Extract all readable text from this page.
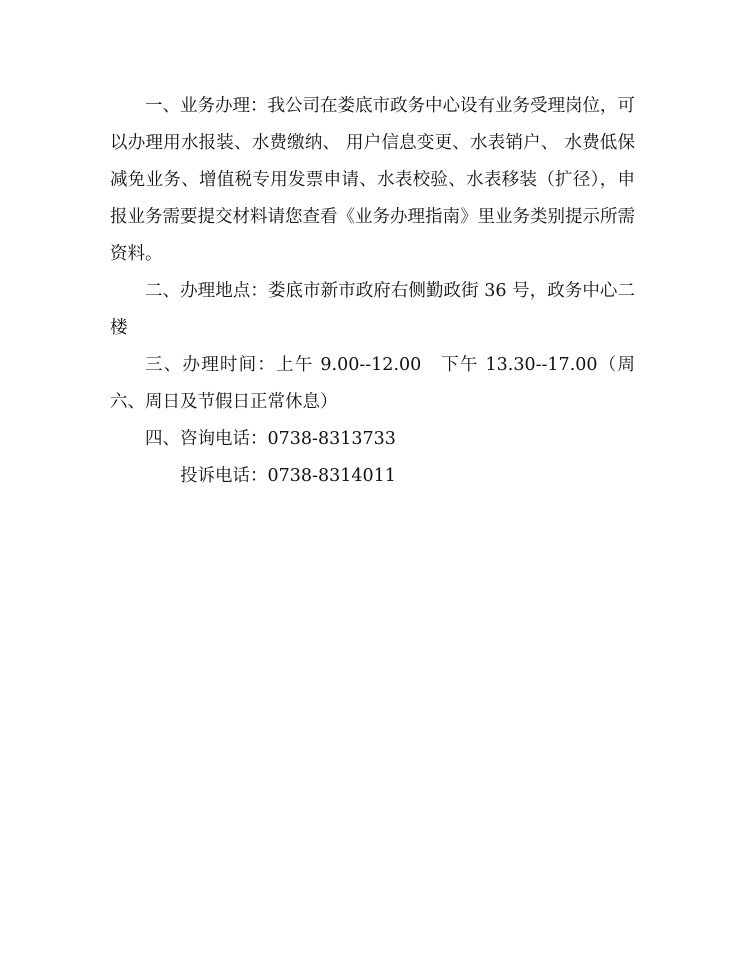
一、业务办理：我公司在娄底市政务中心设有业务受理岗位，可以办理用水报装、水费缴纳、 用户信息变更、水表销户、 水费低保减免业务、增值税专用发票申请、水表校验、水表移装（扩径），申报业务需要提交材料请您查看《业务办理指南》里业务类别提示所需资料。

二、办理地点：娄底市新市政府右侧勤政街 36 号，政务中心二楼

三、办理时间：上午 9.00--12.00　下午 13.30--17.00（周六、周日及节假日正常休息）

四、咨询电话：0738-8313733

投诉电话：0738-8314011
